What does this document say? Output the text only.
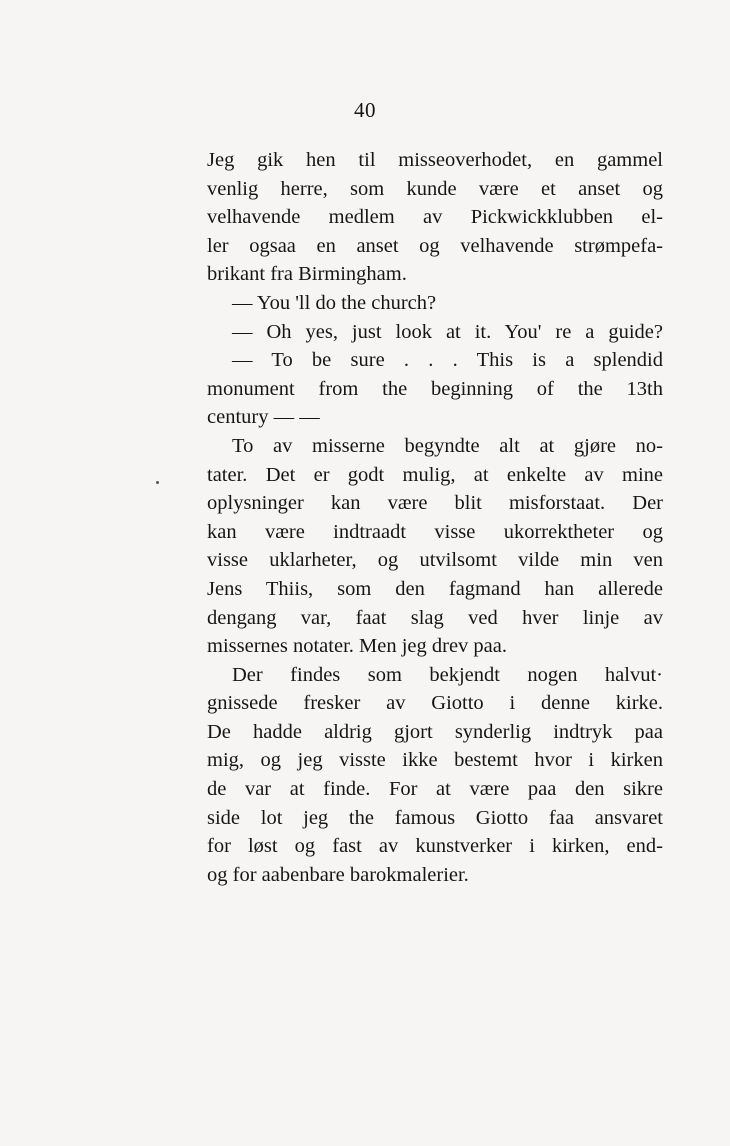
40
Jeg gik hen til misseoverhodet, en gammel
venlig herre, som kunde være et anset og
velhavende medlem av Pickwickklubben el-
ler ogsaa en anset og velhavende strømpefa-
brikant fra Birmingham.
— You 'll do the church?
— Oh yes, just look at it. You' re a guide?
— To be sure . . . This is a splendid
monument from the beginning of the 13th
century — —
To av misserne begyndte alt at gjøre no-
tater. Det er godt mulig, at enkelte av mine
oplysninger kan være blit misforstaat. Der
kan være indtraadt visse ukorrektheter og
visse uklarheter, og utvilsomt vilde min ven
Jens Thiis, som den fagmand han allerede
dengang var, faat slag ved hver linje av
missernes notater. Men jeg drev paa.
Der findes som bekjendt nogen halvut·
gnissede fresker av Giotto i denne kirke.
De hadde aldrig gjort synderlig indtryk paa
mig, og jeg visste ikke bestemt hvor i kirken
de var at finde. For at være paa den sikre
side lot jeg the famous Giotto faa ansvaret
for løst og fast av kunstverker i kirken, end-
og for aabenbare barokmalerier.
